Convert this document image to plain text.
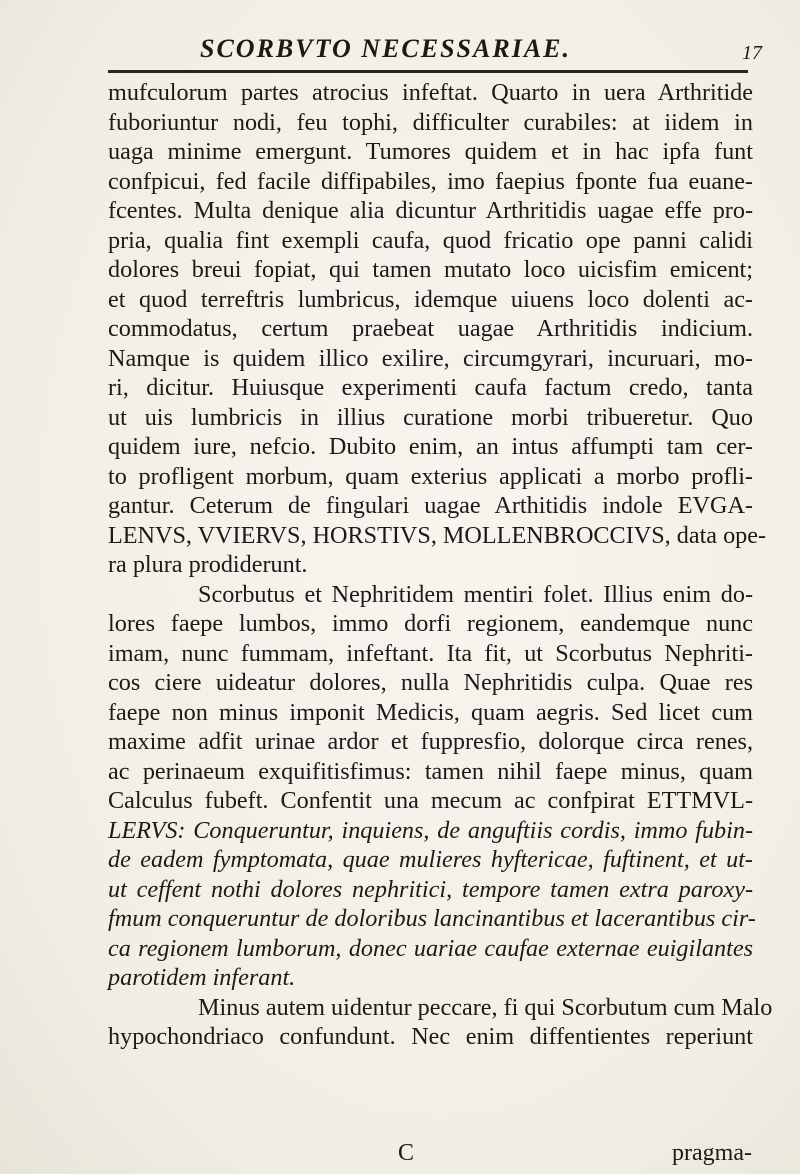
SCORBVTO NECESSARIAE.	17
mufculorum partes atrocius infeftat. Quarto in uera Arthritide
fuboriuntur nodi, feu tophi, difficulter curabiles: at iidem in
uaga minime emergunt. Tumores quidem et in hac ipfa funt
confpicui, fed facile diffipabiles, imo faepius fponte fua euane-
fcentes. Multa denique alia dicuntur Arthritidis uagae effe pro-
pria, qualia fint exempli caufa, quod fricatio ope panni calidi
dolores breui fopiat, qui tamen mutato loco uicisfim emicent;
et quod terreftris lumbricus, idemque uiuens loco dolenti ac-
commodatus, certum praebeat uagae Arthritidis indicium.
Namque is quidem illico exilire, circumgyrari, incuruari, mo-
ri, dicitur. Huiusque experimenti caufa factum credo, tanta
ut uis lumbricis in illius curatione morbi tribueretur. Quo
quidem iure, nefcio. Dubito enim, an intus affumpti tam cer-
to profligent morbum, quam exterius applicati a morbo profli-
gantur. Ceterum de fingulari uagae Arthitidis indole EVGA-
LENVS, VVIERVS, HORSTIVS, MOLLENBROCCIVS, data ope-
ra plura prodiderunt.
Scorbutus et Nephritidem mentiri folet. Illius enim do-
lores faepe lumbos, immo dorfi regionem, eandemque nunc
imam, nunc fummam, infeftant. Ita fit, ut Scorbutus Nephriti-
cos ciere uideatur dolores, nulla Nephritidis culpa. Quae res
faepe non minus imponit Medicis, quam aegris. Sed licet cum
maxime adfit urinae ardor et fuppresfio, dolorque circa renes,
ac perinaeum exquifitisfimus: tamen nihil faepe minus, quam
Calculus fubeft. Confentit una mecum ac confpirat ETTMVL-
LERVS: Conqueruntur, inquiens, de anguftiis cordis, immo fubin-
de eadem fymptomata, quae mulieres hyftericae, fuftinent, et ut-
ut ceffent nothi dolores nephritici, tempore tamen extra paroxy-
fmum conqueruntur de doloribus lancinantibus et lacerantibus cir-
ca regionem lumborum, donec uariae caufae externae euigilantes
parotidem inferant.
Minus autem uidentur peccare, fi qui Scorbutum cum Malo
hypochondriaco confundunt. Nec enim diffentientes reperiunt
C	pragma-
